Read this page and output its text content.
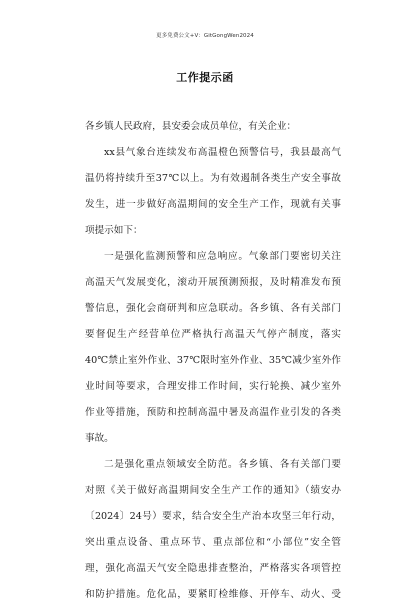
更多免费公文+V：GitGongWen2024
工作提示函
各乡镇人民政府，县安委会成员单位，有关企业：
xx县气象台连续发布高温橙色预警信号，我县最高气
温仍将持续升至37℃以上。为有效遏制各类生产安全事故
发生，进一步做好高温期间的安全生产工作，现就有关事
项提示如下：
一是强化监测预警和应急响应。气象部门要密切关注
高温天气发展变化，滚动开展预测预报，及时精准发布预
警信息，强化会商研判和应急联动。各乡镇、各有关部门
要督促生产经营单位严格执行高温天气停产制度，落实
40℃禁止室外作业、37℃限时室外作业、35℃减少室外作
业时间等要求，合理安排工作时间，实行轮换、减少室外
作业等措施，预防和控制高温中暑及高温作业引发的各类
事故。
二是强化重点领域安全防范。各乡镇、各有关部门要
对照《关于做好高温期间安全生产工作的通知》（绩安办
〔2024〕24号）要求，结合安全生产治本攻坚三年行动，
突出重点设备、重点环节、重点部位和“小部位”安全管
理，强化高温天气安全隐患排查整治，严格落实各项管控
和防护措施。危化品，要紧盯检维修、开停车、动火、受
